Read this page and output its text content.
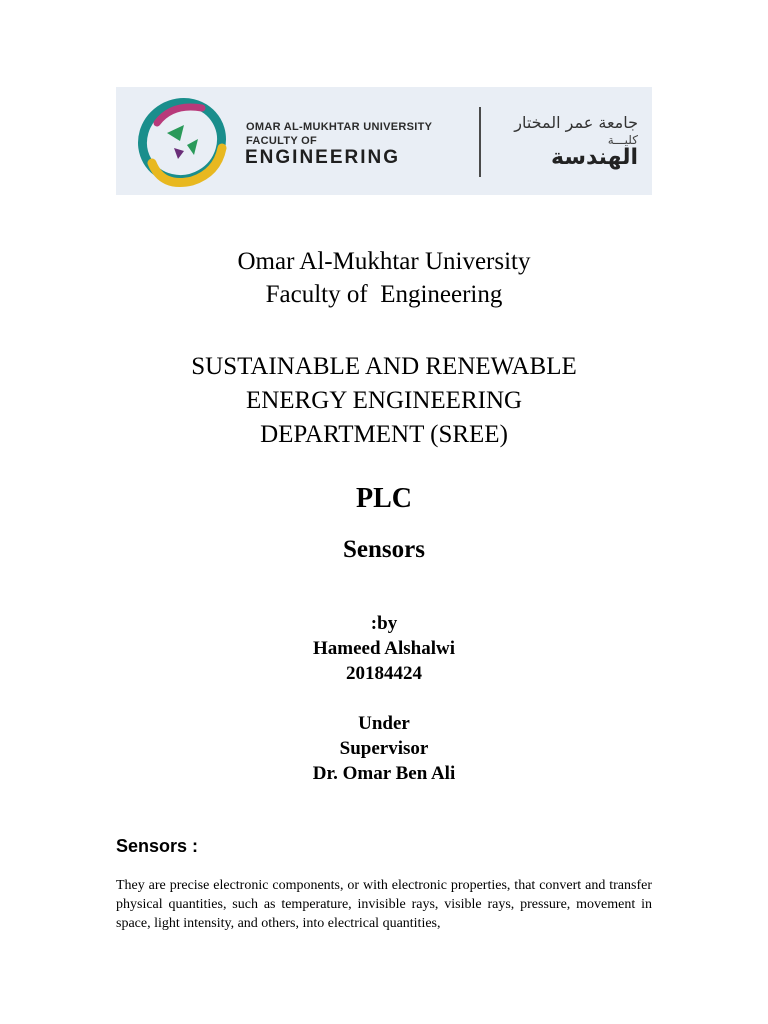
OMAR AL-MUKHTAR UNIVERSITY
FACULTY OF
ENGINEERING
جامعة عمر المختار
كليـــة
الهندسة
Omar Al-Mukhtar University
Faculty of  Engineering
SUSTAINABLE AND RENEWABLE
ENERGY ENGINEERING
DEPARTMENT (SREE)
PLC
Sensors
:by
Hameed Alshalwi
20184424
Under
Supervisor
Dr. Omar Ben Ali
Sensors :
They are precise electronic components, or with electronic properties, that convert and transfer physical quantities, such as temperature, invisible rays, visible rays, pressure, movement in space, light intensity, and others, into electrical quantities,
